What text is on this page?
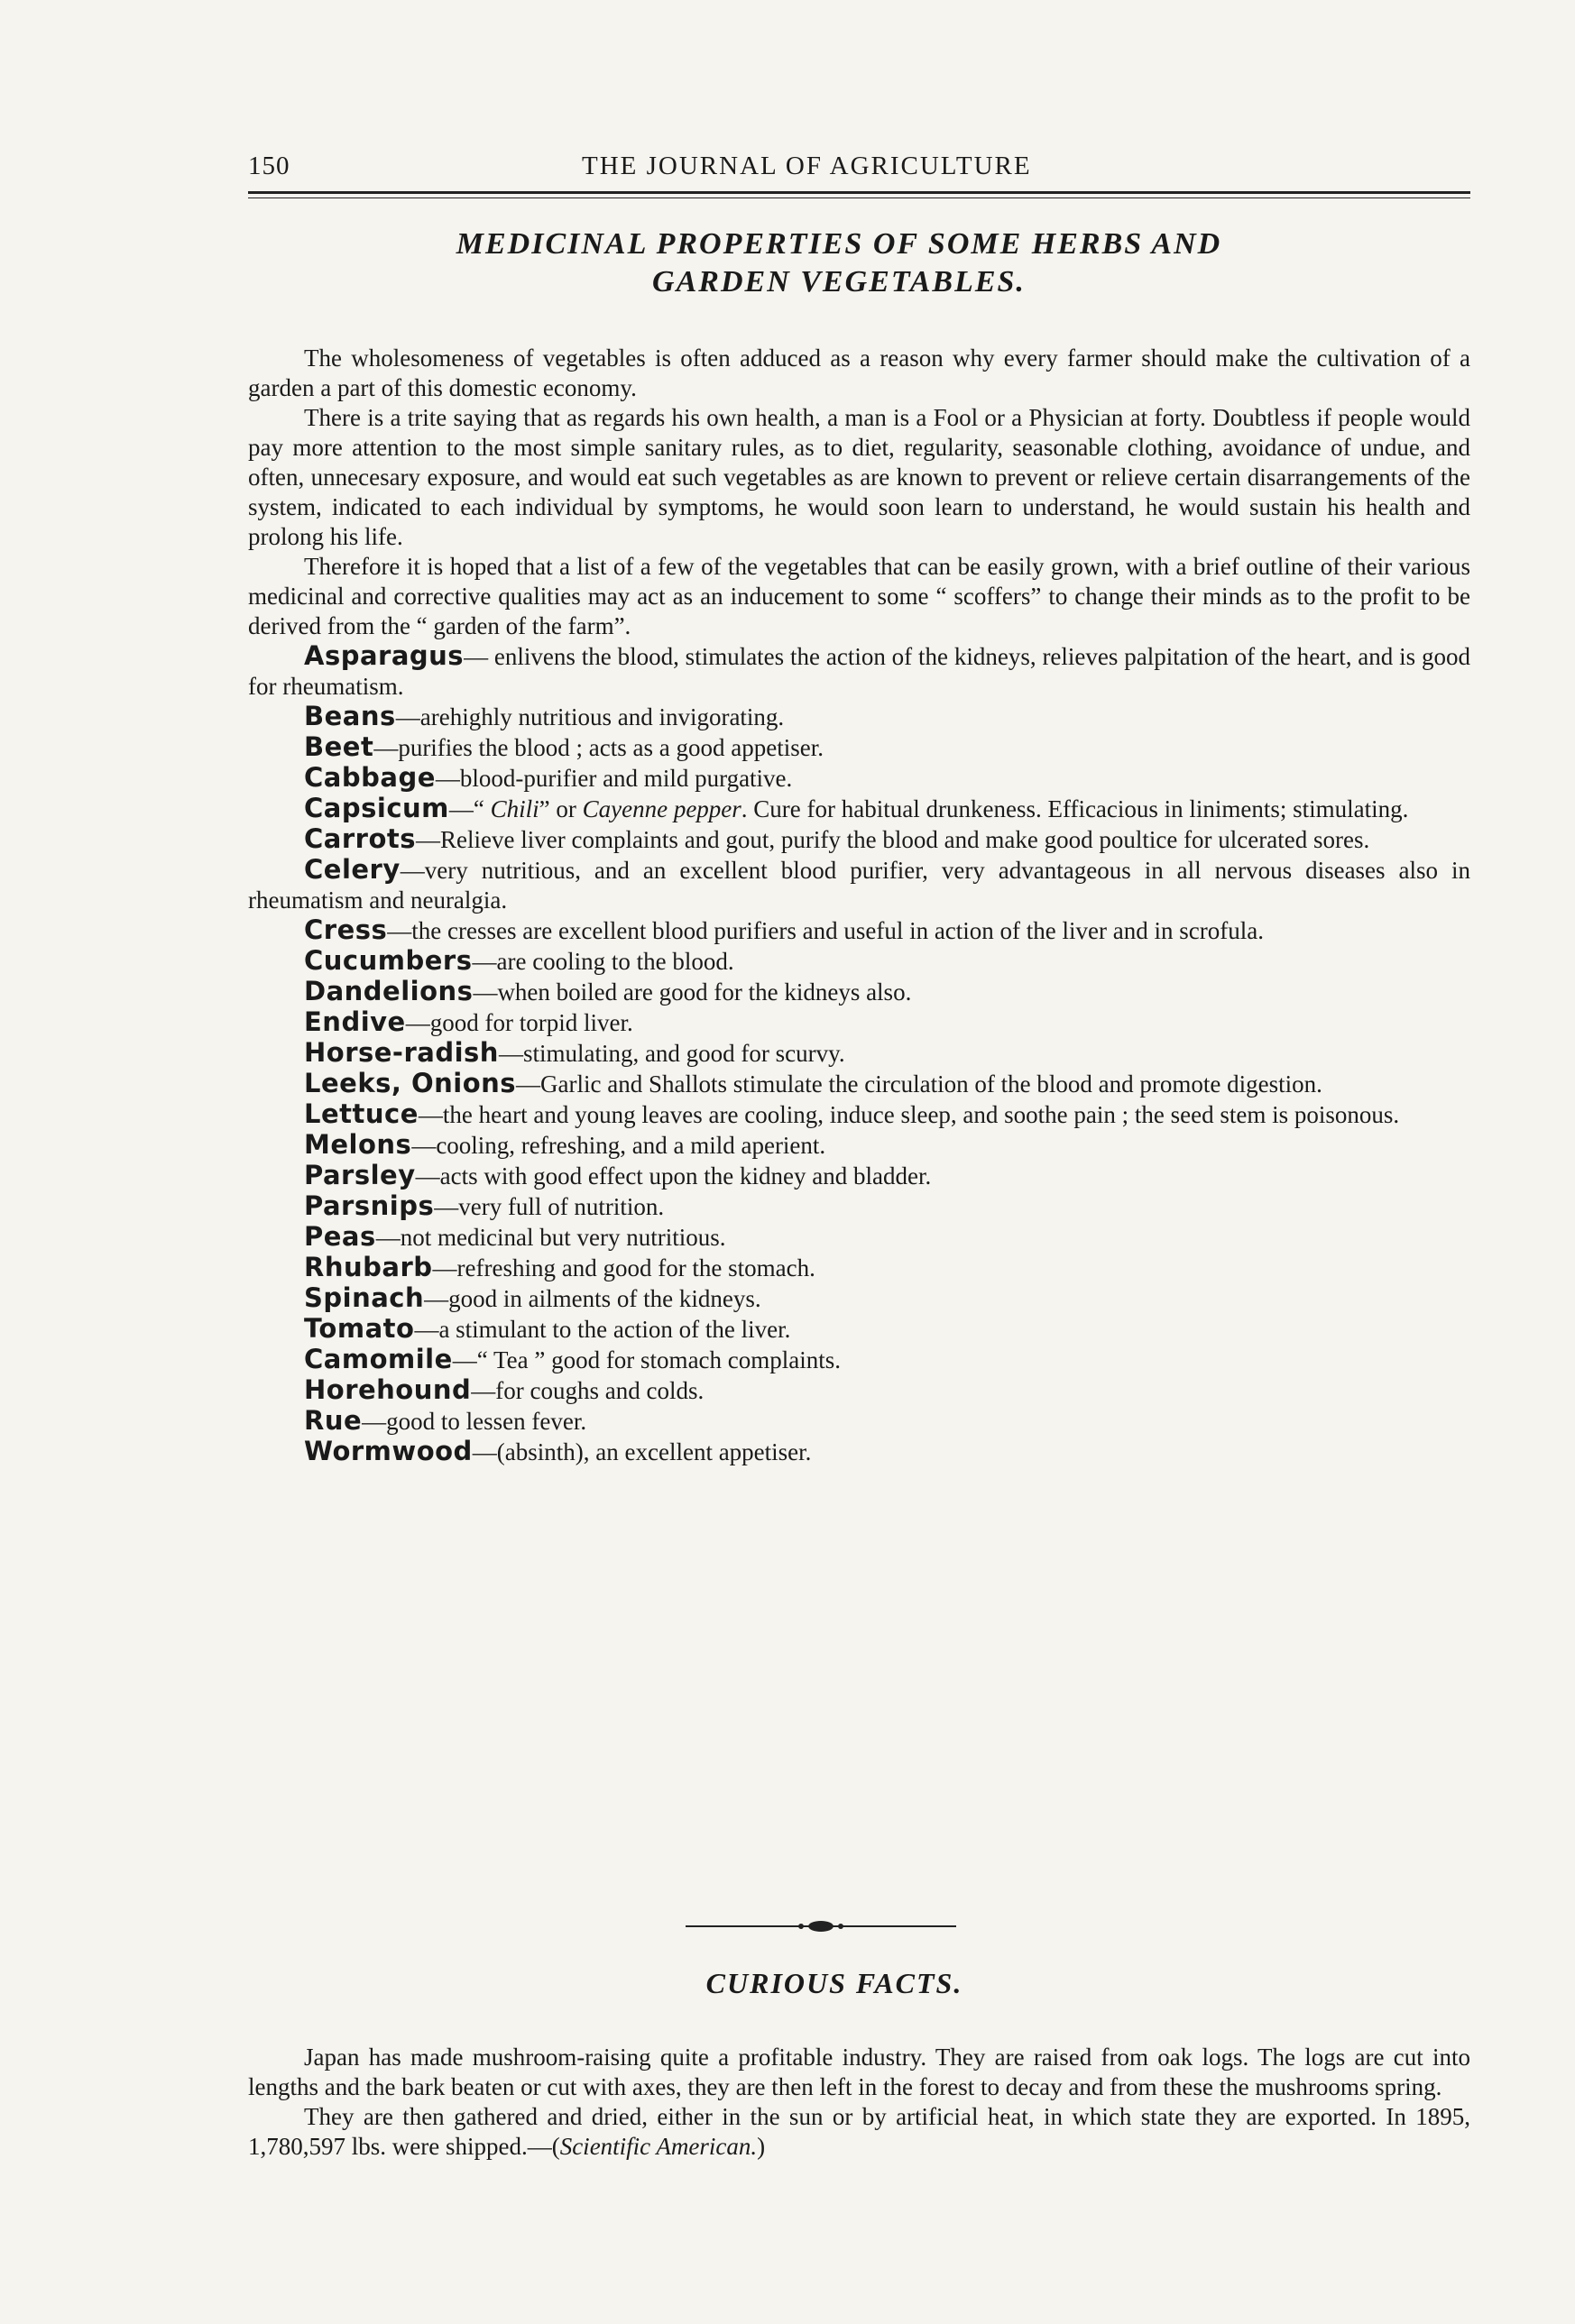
150	THE JOURNAL OF AGRICULTURE
MEDICINAL PROPERTIES OF SOME HERBS AND
GARDEN VEGETABLES.

The wholesomeness of vegetables is often adduced as a reason why every farmer should make the cultivation of a garden a part of this domestic economy.

There is a trite saying that as regards his own health, a man is a Fool or a Physician at forty. Doubtless if people would pay more attention to the most simple sanitary rules, as to diet, regularity, seasonable clothing, avoidance of undue, and often, unnecesary exposure, and would eat such vegetables as are known to prevent or relieve certain disarrangements of the system, indicated to each individual by symptoms, he would soon learn to understand, he would sustain his health and prolong his life.

Therefore it is hoped that a list of a few of the vegetables that can be easily grown, with a brief outline of their various medicinal and corrective qualities may act as an inducement to some “ scoffers” to change their minds as to the profit to be derived from the “ garden of the farm”.

Asparagus— enlivens the blood, stimulates the action of the kidneys, relieves palpitation of the heart, and is good for rheumatism.

Beans—arehighly nutritious and invigorating.

Beet—purifies the blood ; acts as a good appetiser.

Cabbage—blood-purifier and mild purgative.

Capsicum—“ Chili” or Cayenne pepper. Cure for habitual drunkeness. Efficacious in liniments; stimulating.

Carrots—Relieve liver complaints and gout, purify the blood and make good poultice for ulcerated sores.

Celery—very nutritious, and an excellent blood purifier, very advantageous in all nervous diseases also in rheumatism and neuralgia.

Cress—the cresses are excellent blood purifiers and useful in action of the liver and in scrofula.

Cucumbers—are cooling to the blood.

Dandelions—when boiled are good for the kidneys also.

Endive—good for torpid liver.

Horse-radish—stimulating, and good for scurvy.

Leeks, Onions—Garlic and Shallots stimulate the circulation of the blood and promote digestion.

Lettuce—the heart and young leaves are cooling, induce sleep, and soothe pain ; the seed stem is poisonous.

Melons—cooling, refreshing, and a mild aperient.

Parsley—acts with good effect upon the kidney and bladder.

Parsnips—very full of nutrition.

Peas—not medicinal but very nutritious.

Rhubarb—refreshing and good for the stomach.

Spinach—good in ailments of the kidneys.

Tomato—a stimulant to the action of the liver.

Camomile—“ Tea ” good for stomach complaints.

Horehound—for coughs and colds.

Rue—good to lessen fever.

Wormwood—(absinth), an excellent appetiser.

CURIOUS FACTS.

Japan has made mushroom-raising quite a profitable industry. They are raised from oak logs. The logs are cut into lengths and the bark beaten or cut with axes, they are then left in the forest to decay and from these the mushrooms spring.

They are then gathered and dried, either in the sun or by artificial heat, in which state they are exported. In 1895, 1,780,597 lbs. were shipped.—(Scientific American.)
